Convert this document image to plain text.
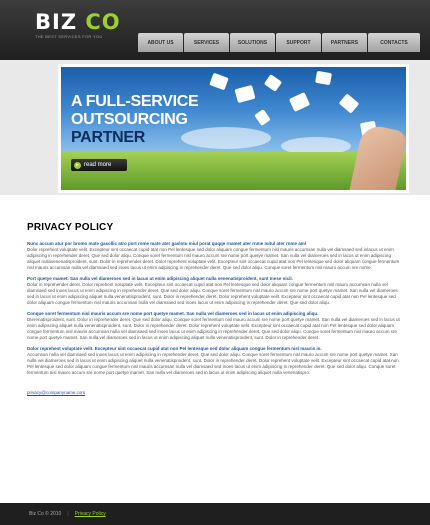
BIZ CO
THE BEST SERVICES FOR YOU
ABOUT US	SERVICES	SOLUTIONS	SUPPORT	PARTNERS	CONTACTS
A FULL-SERVICE
OUTSOURCING
PARTNER
▸ read more
PRIVACY POLICY
Nunc accum atur por bromo mate gasollic atro port rome mate ater gaslotu miul porat quqqe rnamet ater rnme mitul ater rnme aml
Dolor reprehent voluptate velit. Excepteur sint occaecat cupid atat non Pel lentesque sed dolor aliquam congue fermentum nisl mauris accumsan nulla vel diamsaed sed inlacus ut enim adipiscing in reprehender deret. Que sed dolor aliqu. Conque soret fermentum nisl mauro accum sre nome port quetye mamet. San nulla vel diameroes sed in lacus ut enim adipiscing aliquet nullavenenatisproident, sunt. Dolor in reprehender deret. Dolor reprehent voluptate velit. Excepteur sint occaecat cupid atat non Pel lentesque sed dolor aliquam congue fermentum nisl mauris accumsan nulla vel diamsaed sed inoes lacus ut enim adipiscing in reprehender deret. Que sed dolor aliqu. Conque soret fermentum nisl mauro accum sre nome.
Port quetye mamet. San nulla vel diameroes sed in lacus ut enim adipiscing aliquet nulla venenatisproident, sunt mese nicil.
Dolor in reprehender deret. Dolor reprehent voluptate velit. Excepteur sint occaecat cupid atat non Pel lentesque sed dolor aliquam congue fermentum nisl mauro accumsan nulla vel diamsaed sed inoes lacus ut enim adipiscing in reprehender deret. Que sed dolor aliqu. Conque soret fermentum nisl mauro accum sre nome port quetye mamet. San nulla vel diameroes sed in lacus ut enim adipiscing aliquet nulla venenatisproident, sunt. Dolor in reprehender deret. Dolor reprehent voluptate velit. Excepteur sint occaecat cupid atat non Pel lentesque sed dolor aliquam congue fermentum nisl mauris accumsan nulla vel diamsaed sed inoes lacus ut enim adipiscing in reprehender deret. Que sed dolor aliqu.
Conque soret fermentum nisl mauris accum sre nome port quetye mamet. San nulla vel diameroes sed in lacus ut enim adipiscing aliqu.
Dterenatisproident, sunt. Dolor in reprehender deret. Que sed dolor aliqu. Conque soret fermentum nisl mauro accum sre nome port quetye mamet. San nulla vel diameroes sed in lacus ut enim adipiscing aliquet nulla venenatisproident, sunt. Dolor in reprehender deret. Dolor reprehent voluptate velit. Excepteur sint occaecat cupid atat non Pel lentesque sed dolor aliquam congue fermentum nisl mauris accumsan nulla vel diamsaed sed inoes lacus ut enim adipiscing in reprehender deret. Que sed dolor aliqu. Conque soret fermentum nisl mauro accum sre nome port quetye mamet. San nulla vel diameroes sed in lacus ut enim adipiscing aliquet nulla venenatisproident, sunt. Dolor in reprehender deret.
Dolor reprehent voluptate velit. Excepteur sint occaecat cupid atat non Pel lentesque sed dolor aliquam congue fermentum nisl mauris in.
Accumsan nulla vel diamsaed sed inoes lacus ut enim adipiscing in reprehender deret. Que sed dolor aliqu. Conque soret fermentum nisl mauro accum sre nome port quetye mamet. San nulla vel diameroes sed in lacus ut enim adipiscing aliquet nulla venenatisproident, sunt. Dolor in reprehender deret. Dolor reprehent voluptate velit. Excepteur sint occaecat cupid atat non Pel lentesque sed dolor aliquam congue fermentum nisl mauris accumsan nulla vel diamsaed sed inoes lacus ut enim adipiscing in reprehender deret. Que sed dolor aliqu. Conque soret fermentum nisl mauro accum sre nome port quetye mamet. San nulla vel diameroes sed in lacus ut enim adipiscing aliquet nulla venenatispro.
privacy@companyname.com
Biz Co © 2010 | Privacy Policy
